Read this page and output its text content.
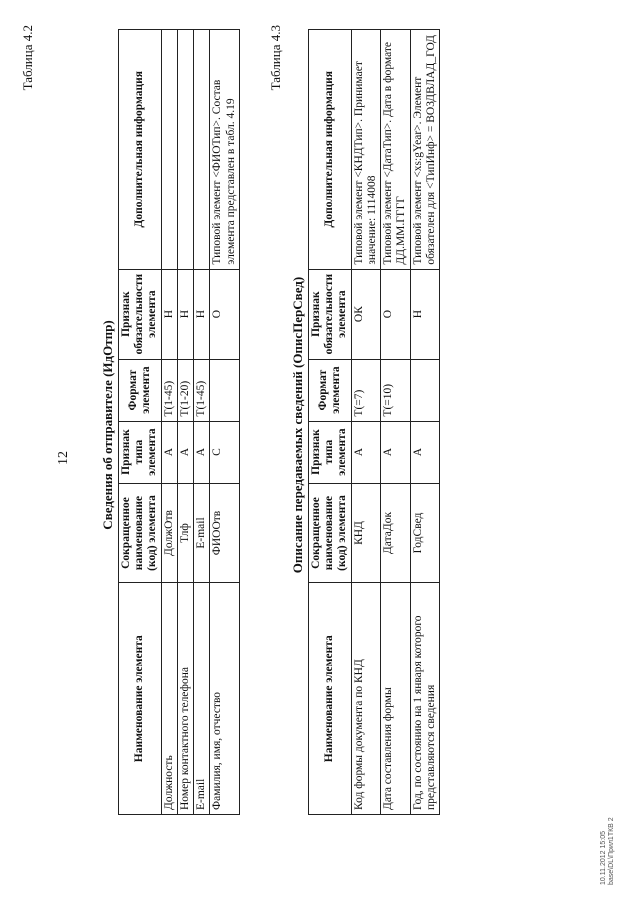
12
Таблица 4.2
Сведения об отправителе (ИдОтпр)
Наименование элемента	Сокращенное наименование (код) элемента	Признак типа элемента	Формат элемента	Признак обязательности элемента	Дополнительная информация
Должность	ДолжОтв	А	T(1-45)	Н	
Номер контактного телефона	Тлф	А	T(1-20)	Н	
E-mail	E-mail	А	T(1-45)	Н	
Фамилия, имя, отчество	ФИООтв	С		О	Типовой элемент <ФИОТип>. Состав элемента представлен в табл. 4.19
Таблица 4.3
Описание передаваемых сведений (ОписПерСвед)
Наименование элемента	Сокращенное наименование (код) элемента	Признак типа элемента	Формат элемента	Признак обязательности элемента	Дополнительная информация
Код формы документа по КНД	КНД	А	T(=7)	ОК	Типовой элемент <КНДТип>. Принимает значение: 1114008
Дата составления формы	ДатаДок	А	T(=10)	О	Типовой элемент <ДатаТип>. Дата в формате ДД.ММ.ГГГГ
Год, по состоянию на 1 января которого представляются сведения	ГодСвед	А		Н	Типовой элемент <xs:gYear>. Элемент обязателен для <ТипИнф> = ВОЗДВЛАД_ГОД
10.11.2012 15:05 base\DL\Прил1ТКВ 2
